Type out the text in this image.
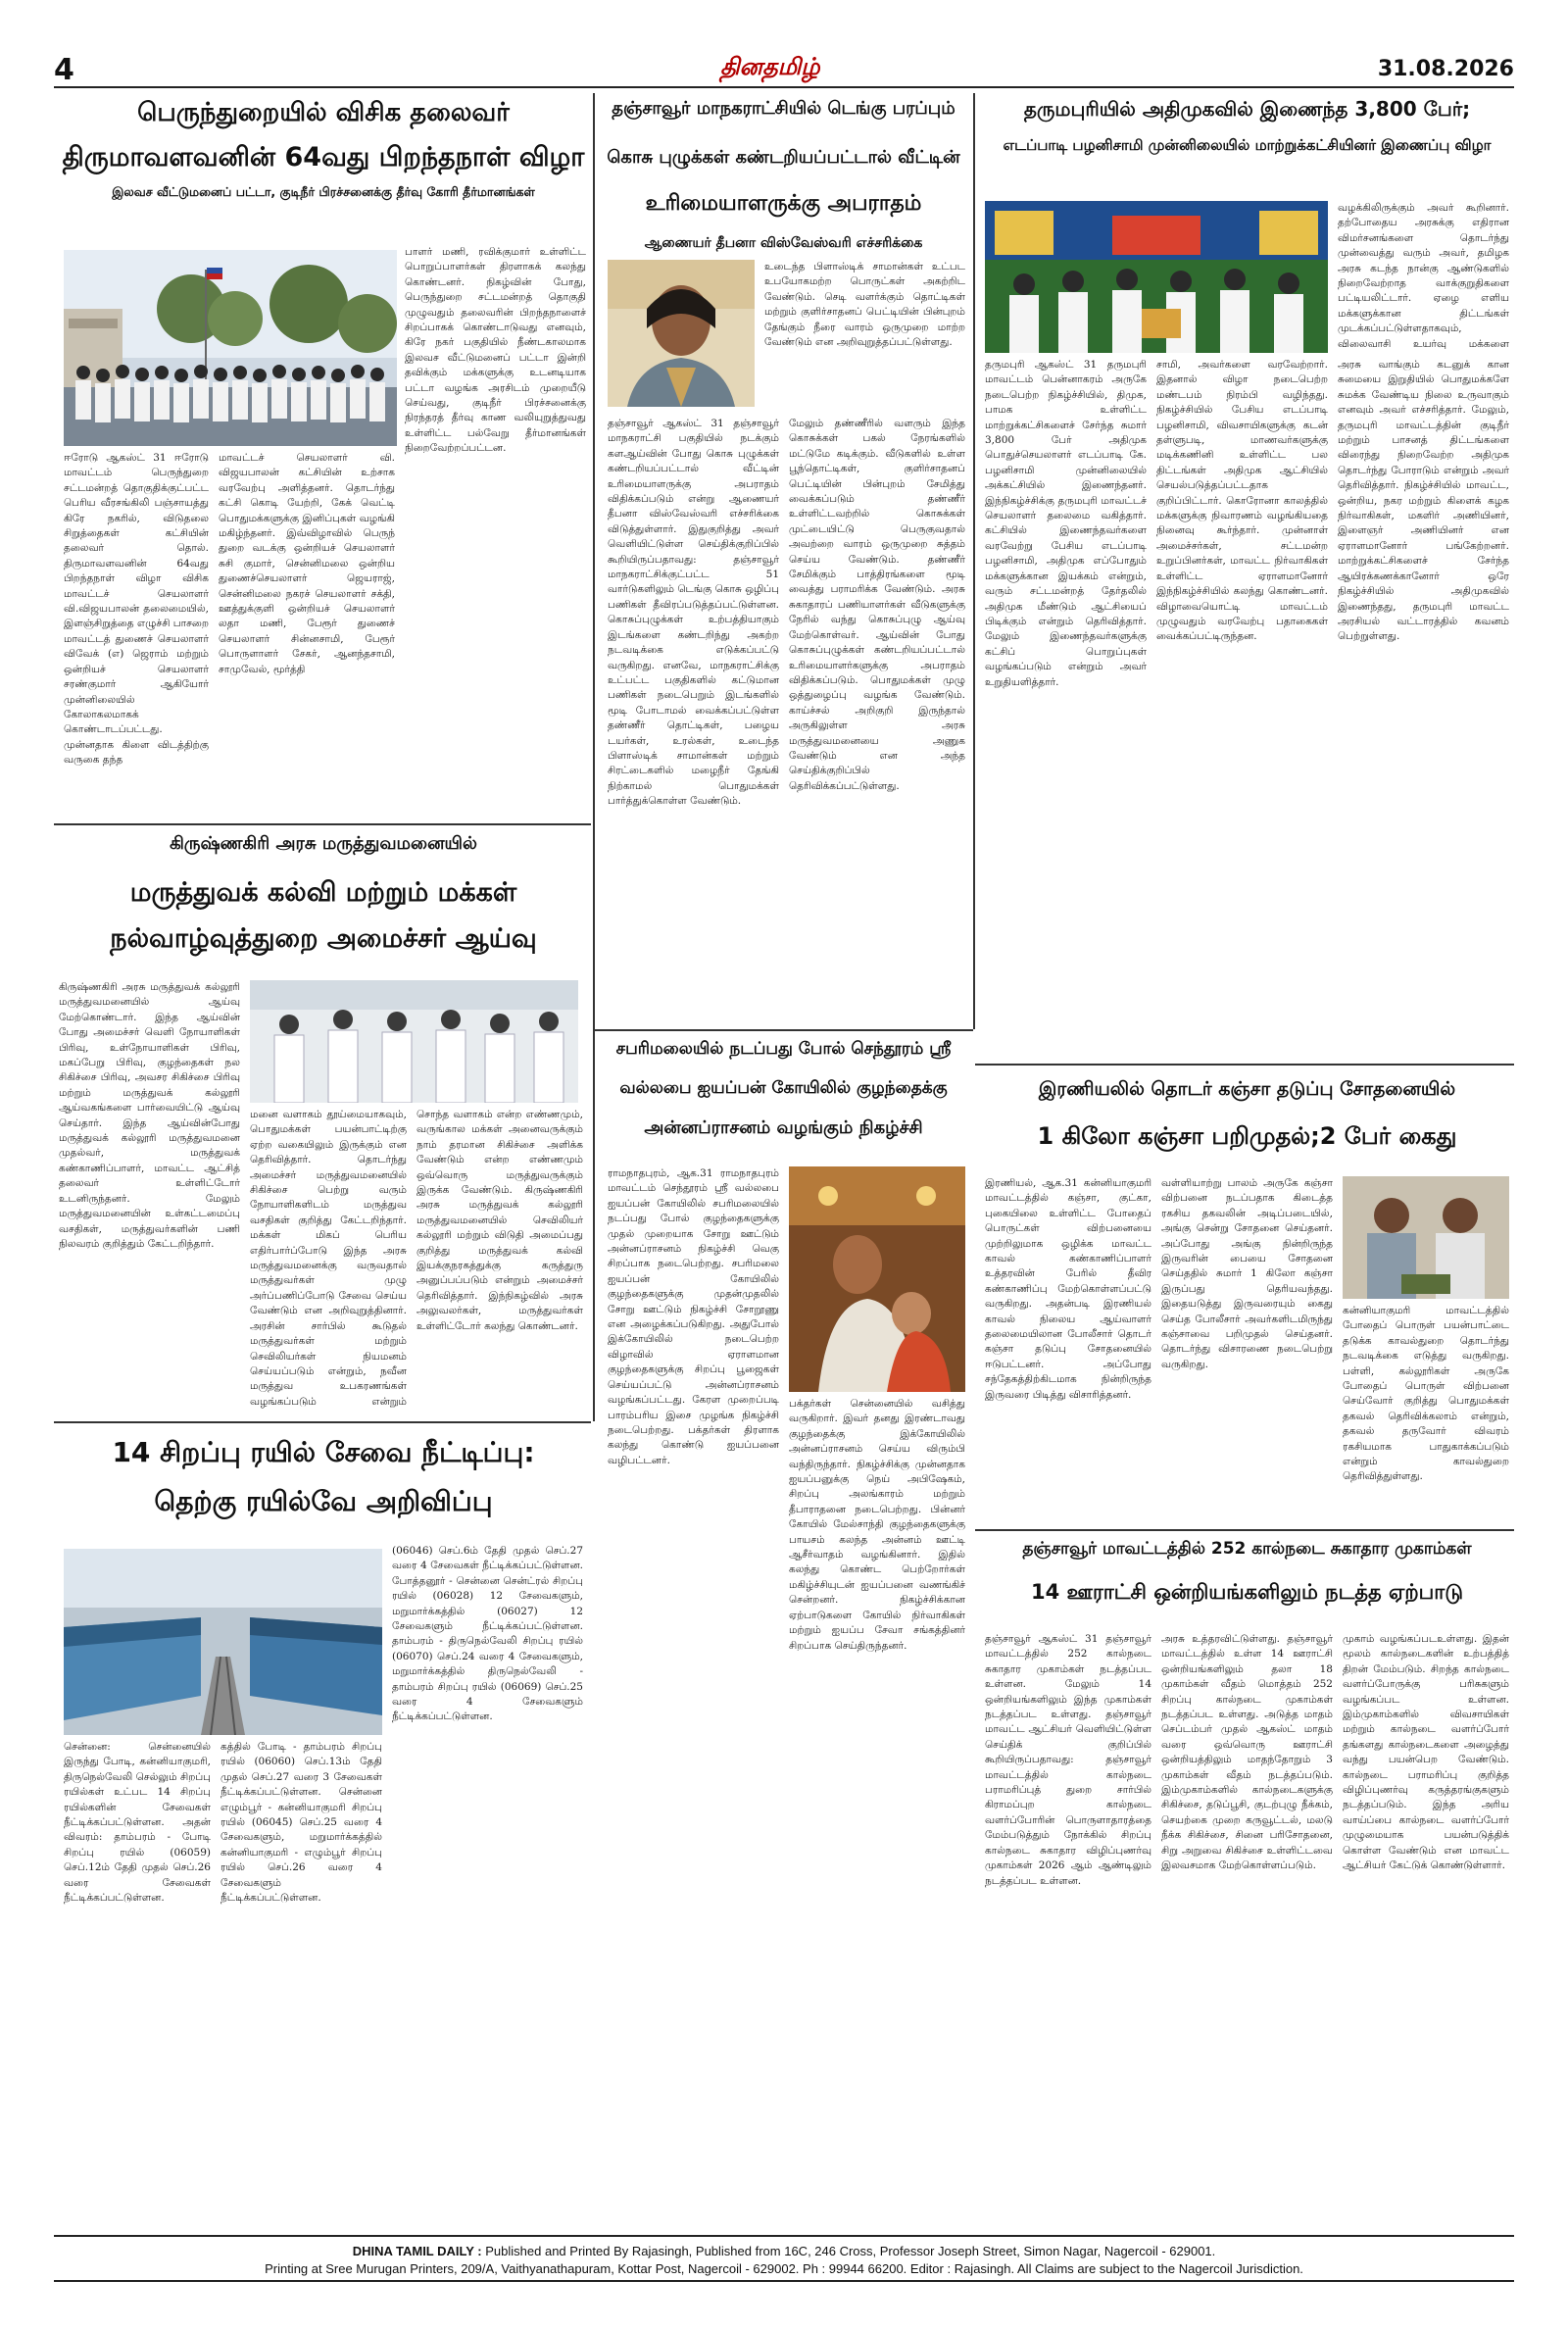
4	தினதமிழ்	31.08.2026
பெருந்துறையில் விசிக தலைவர்
திருமாவளவனின் 64வது பிறந்தநாள் விழா
இலவச வீட்டுமனைப் பட்டா, குடிநீர் பிரச்சனைக்கு தீர்வு கோரி தீர்மானங்கள்
ஈரோடு ஆகஸ்ட் 31 ஈரோடு மாவட்டம் பெருந்துறை சட்டமன்றத் தொகுதிக்குட்பட்ட பெரிய வீரசங்கிலி பஞ்சாயத்து கிரே நகரில், விடுதலை சிறுத்தைகள் கட்சியின் தலைவர் தொல். திருமாவளவனின் 64வது பிறந்தநாள் விழா விசிக மாவட்டச் செயலாளர் வி.விஜயபாலன் தலைமையில், இளஞ்சிறுத்தை எழுச்சி பாசறை மாவட்டத் துணைச் செயலாளர் விவேக் (எ) ஜெராம் மற்றும் ஒன்றியச் செயலாளர் சரண்குமார் ஆகியோர் முன்னிலையில் கோலாகலமாகக் கொண்டாடப்பட்டது. முன்னதாக கிளை விடத்திற்கு வருகை தந்த
மாவட்டச் செயலாளர் வி. விஜயபாலன் கட்சியின் உற்சாக வரவேற்பு அளித்தனர். தொடர்ந்து கட்சி கொடி யேற்றி, கேக் வெட்டி பொதுமக்களுக்கு இனிப்புகள் வழங்கி மகிழ்ந்தனர். இவ்விழாவில் பெருந் துறை வடக்கு ஒன்றியச் செயலாளர் சுசி குமார், சென்னிமலை ஒன்றிய துணைச்செயலாளர் ஜெயராஜ், சென்னிமலை நகரச் செயலாளர் சக்தி, ஊத்துக்குளி ஒன்றியச் செயலாளர் லதா மணி, பேரூர் துணைச் செயலாளர் சின்னசாமி, பேரூர் பொருளாளர் சேகர், ஆனந்தசாமி, சாமுவேல், மூர்த்தி
பாளர் மணி, ரவிக்குமார் உள்ளிட்ட பொறுப்பாளர்கள் திரளாகக் கலந்து கொண்டனர். நிகழ்வின் போது, பெருந்துறை சட்டமன்றத் தொகுதி முழுவதும் தலைவரின் பிறந்தநாளைச் சிறப்பாகக் கொண்டாடுவது எனவும், கிரே நகர் பகுதியில் நீண்டகாலமாக இலவச வீட்டுமனைப் பட்டா இன்றி தவிக்கும் மக்களுக்கு உடனடியாக பட்டா வழங்க அரசிடம் முறையீடு செய்வது, குடிநீர் பிரச்சனைக்கு நிரந்தரத் தீர்வு காண வலியுறுத்துவது உள்ளிட்ட பல்வேறு தீர்மானங்கள் நிறைவேற்றப்பட்டன.
கிருஷ்ணகிரி அரசு மருத்துவமனையில்
மருத்துவக் கல்வி மற்றும் மக்கள்
நல்வாழ்வுத்துறை அமைச்சர் ஆய்வு
கிருஷ்ணகிரி அரசு மருத்துவக் கல்லூரி மருத்துவமனையில் ஆய்வு மேற்கொண்டார். இந்த ஆய்வின் போது அமைச்சர் வெளி நோயாளிகள் பிரிவு, உள்நோயாளிகள் பிரிவு, மகப்பேறு பிரிவு, குழந்தைகள் நல சிகிச்சை பிரிவு, அவசர சிகிச்சை பிரிவு மற்றும் மருத்துவக் கல்லூரி ஆய்வகங்களை பார்வையிட்டு ஆய்வு செய்தார். இந்த ஆய்வின்போது மருத்துவக் கல்லூரி மருத்துவமனை முதல்வர், மருத்துவக் கண்காணிப்பாளர், மாவட்ட ஆட்சித் தலைவர் உள்ளிட்டோர் உடனிருந்தனர். மேலும் மருத்துவமனையின் உள்கட்டமைப்பு வசதிகள், மருத்துவர்களின் பணி நிலவரம் குறித்தும் கேட்டறிந்தார்.
மனை வளாகம் தூய்மையாகவும், பொதுமக்கள் பயன்பாட்டிற்கு ஏற்ற வகையிலும் இருக்கும் என தெரிவித்தார். தொடர்ந்து அமைச்சர் மருத்துவமனையில் சிகிச்சை பெற்று வரும் நோயாளிகளிடம் மருத்துவ வசதிகள் குறித்து கேட்டறிந்தார். மக்கள் மிகப் பெரிய எதிர்பார்ப்போடு இந்த அரசு மருத்துவமனைக்கு வருவதால் மருத்துவர்கள் முழு அர்ப்பணிப்போடு சேவை செய்ய வேண்டும் என அறிவுறுத்தினார். அரசின் சார்பில் கூடுதல் மருத்துவர்கள் மற்றும் செவிலியர்கள் நியமனம் செய்யப்படும் என்றும், நவீன மருத்துவ உபகரணங்கள் வழங்கப்படும் என்றும்
சொந்த வளாகம் என்ற எண்ணமும், வருங்கால மக்கள் அனைவருக்கும் நாம் தரமான சிகிச்சை அளிக்க வேண்டும் என்ற எண்ணமும் ஒவ்வொரு மருத்துவருக்கும் இருக்க வேண்டும். கிருஷ்ணகிரி அரசு மருத்துவக் கல்லூரி மருத்துவமனையில் செவிலியர் கல்லூரி மற்றும் விடுதி அமைப்பது குறித்து மருத்துவக் கல்வி இயக்குநரகத்துக்கு கருத்துரு அனுப்பப்படும் என்றும் அமைச்சர் தெரிவித்தார். இந்நிகழ்வில் அரசு அலுவலர்கள், மருத்துவர்கள் உள்ளிட்டோர் கலந்து கொண்டனர்.
14 சிறப்பு ரயில் சேவை நீட்டிப்பு:
தெற்கு ரயில்வே அறிவிப்பு
சென்னை: சென்னையில் இருந்து போடி, கன்னியாகுமரி, திருநெல்வேலி செல்லும் சிறப்பு ரயில்கள் உட்பட 14 சிறப்பு ரயில்களின் சேவைகள் நீட்டிக்கப்பட்டுள்ளன. அதன் விவரம்: தாம்பரம் - போடி சிறப்பு ரயில் (06059) செப்.12ம் தேதி முதல் செப்.26 வரை சேவைகள் நீட்டிக்கப்பட்டுள்ளன.
கத்தில் போடி - தாம்பரம் சிறப்பு ரயில் (06060) செப்.13ம் தேதி முதல் செப்.27 வரை 3 சேவைகள் நீட்டிக்கப்பட்டுள்ளன. சென்னை எழும்பூர் - கன்னியாகுமரி சிறப்பு ரயில் (06045) செப்.25 வரை 4 சேவைகளும், மறுமார்க்கத்தில் கன்னியாகுமரி - எழும்பூர் சிறப்பு ரயில் செப்.26 வரை 4 சேவைகளும் நீட்டிக்கப்பட்டுள்ளன.
(06046) செப்.6ம் தேதி முதல் செப்.27 வரை 4 சேவைகள் நீட்டிக்கப்பட்டுள்ளன. போத்தனூர் - சென்னை சென்ட்ரல் சிறப்பு ரயில் (06028) 12 சேவைகளும், மறுமார்க்கத்தில் (06027) 12 சேவைகளும் நீட்டிக்கப்பட்டுள்ளன. தாம்பரம் - திருநெல்வேலி சிறப்பு ரயில் (06070) செப்.24 வரை 4 சேவைகளும், மறுமார்க்கத்தில் திருநெல்வேலி - தாம்பரம் சிறப்பு ரயில் (06069) செப்.25 வரை 4 சேவைகளும் நீட்டிக்கப்பட்டுள்ளன.
தஞ்சாவூர் மாநகராட்சியில் டெங்கு பரப்பும்
கொசு புழுக்கள் கண்டறியப்பட்டால் வீட்டின்
உரிமையாளருக்கு அபராதம்
ஆணையர் தீபனா விஸ்வேஸ்வரி எச்சரிக்கை
உடைந்த பிளாஸ்டிக் சாமான்கள் உட்பட உபயோகமற்ற பொருட்கள் அகற்றிட வேண்டும். செடி வளர்க்கும் தொட்டிகள் மற்றும் குளிர்சாதனப் பெட்டியின் பின்புறம் தேங்கும் நீரை வாரம் ஒருமுறை மாற்ற வேண்டும் என அறிவுறுத்தப்பட்டுள்ளது.
தஞ்சாவூர் ஆகஸ்ட் 31 தஞ்சாவூர் மாநகராட்சி பகுதியில் நடக்கும் களஆய்வின் போது கொசு புழுக்கள் கண்டறியப்பட்டால் வீட்டின் உரிமையாளருக்கு அபராதம் விதிக்கப்படும் என்று ஆணையர் தீபனா விஸ்வேஸ்வரி எச்சரிக்கை விடுத்துள்ளார். இதுகுறித்து அவர் வெளியிட்டுள்ள செய்திக்குறிப்பில் கூறியிருப்பதாவது: தஞ்சாவூர் மாநகராட்சிக்குட்பட்ட 51 வார்டுகளிலும் டெங்கு கொசு ஒழிப்பு பணிகள் தீவிரப்படுத்தப்பட்டுள்ளன. கொசுப்புழுக்கள் உற்பத்தியாகும் இடங்களை கண்டறிந்து அகற்ற நடவடிக்கை எடுக்கப்பட்டு வருகிறது. எனவே, மாநகராட்சிக்கு உட்பட்ட பகுதிகளில் கட்டுமான பணிகள் நடைபெறும் இடங்களில் மூடி போடாமல் வைக்கப்பட்டுள்ள தண்ணீர் தொட்டிகள், பழைய டயர்கள், உரல்கள், உடைந்த பிளாஸ்டிக் சாமான்கள் மற்றும் சிரட்டைகளில் மழைநீர் தேங்கி நிற்காமல் பொதுமக்கள் பார்த்துக்கொள்ள வேண்டும்.
மேலும் தண்ணீரில் வளரும் இந்த கொசுக்கள் பகல் நேரங்களில் மட்டுமே கடிக்கும். வீடுகளில் உள்ள பூந்தொட்டிகள், குளிர்சாதனப் பெட்டியின் பின்புறம் சேமித்து வைக்கப்படும் தண்ணீர் உள்ளிட்டவற்றில் கொசுக்கள் முட்டையிட்டு பெருகுவதால் அவற்றை வாரம் ஒருமுறை சுத்தம் செய்ய வேண்டும். தண்ணீர் சேமிக்கும் பாத்திரங்களை மூடி வைத்து பராமரிக்க வேண்டும். அரசு சுகாதாரப் பணியாளர்கள் வீடுகளுக்கு நேரில் வந்து கொசுப்புழு ஆய்வு மேற்கொள்வர். ஆய்வின் போது கொசுப்புழுக்கள் கண்டறியப்பட்டால் உரிமையாளர்களுக்கு அபராதம் விதிக்கப்படும். பொதுமக்கள் முழு ஒத்துழைப்பு வழங்க வேண்டும். காய்ச்சல் அறிகுறி இருந்தால் அருகிலுள்ள அரசு மருத்துவமனையை அணுக வேண்டும் என அந்த செய்திக்குறிப்பில் தெரிவிக்கப்பட்டுள்ளது.
சபரிமலையில் நடப்பது போல் செந்தூரம் ஸ்ரீ
வல்லபை ஐயப்பன் கோயிலில் குழந்தைக்கு
அன்னப்ராசனம் வழங்கும் நிகழ்ச்சி
ராமநாதபுரம், ஆக.31 ராமநாதபுரம் மாவட்டம் செந்தூரம் ஸ்ரீ வல்லபை ஐயப்பன் கோயிலில் சபரிமலையில் நடப்பது போல் குழந்தைகளுக்கு முதல் முறையாக சோறு ஊட்டும் அன்னப்ராசனம் நிகழ்ச்சி வெகு சிறப்பாக நடைபெற்றது. சபரிமலை ஐயப்பன் கோயிலில் குழந்தைகளுக்கு முதன்முதலில் சோறு ஊட்டும் நிகழ்ச்சி சோறூணு என அழைக்கப்படுகிறது. அதுபோல் இக்கோயிலில் நடைபெற்ற விழாவில் ஏராளமான குழந்தைகளுக்கு சிறப்பு பூஜைகள் செய்யப்பட்டு அன்னப்ராசனம் வழங்கப்பட்டது. கேரள முறைப்படி பாரம்பரிய இசை முழங்க நிகழ்ச்சி நடைபெற்றது. பக்தர்கள் திரளாக கலந்து கொண்டு ஐயப்பனை வழிபட்டனர்.
பக்தர்கள் சென்னையில் வசித்து வருகிறார். இவர் தனது இரண்டாவது குழந்தைக்கு இக்கோயிலில் அன்னப்ராசனம் செய்ய விரும்பி வந்திருந்தார். நிகழ்ச்சிக்கு முன்னதாக ஐயப்பனுக்கு நெய் அபிஷேகம், சிறப்பு அலங்காரம் மற்றும் தீபாராதனை நடைபெற்றது. பின்னர் கோயில் மேல்சாந்தி குழந்தைகளுக்கு பாயசம் கலந்த அன்னம் ஊட்டி ஆசீர்வாதம் வழங்கினார். இதில் கலந்து கொண்ட பெற்றோர்கள் மகிழ்ச்சியுடன் ஐயப்பனை வணங்கிச் சென்றனர். நிகழ்ச்சிக்கான ஏற்பாடுகளை கோயில் நிர்வாகிகள் மற்றும் ஐயப்ப சேவா சங்கத்தினர் சிறப்பாக செய்திருந்தனர்.
தருமபுரியில் அதிமுகவில் இணைந்த 3,800 பேர்;
எடப்பாடி பழனிசாமி முன்னிலையில் மாற்றுக்கட்சியினர் இணைப்பு விழா
வழக்கிலிருக்கும் அவர் கூறினார். தற்போதைய அரசுக்கு எதிரான விமர்சனங்களை தொடர்ந்து முன்வைத்து வரும் அவர், தமிழக அரசு கடந்த நான்கு ஆண்டுகளில் நிறைவேற்றாத வாக்குறுதிகளை பட்டியலிட்டார். ஏழை எளிய மக்களுக்கான திட்டங்கள் முடக்கப்பட்டுள்ளதாகவும், விலைவாசி உயர்வு மக்களை
தருமபுரி ஆகஸ்ட் 31 தருமபுரி மாவட்டம் பென்னாகரம் அருகே நடைபெற்ற நிகழ்ச்சியில், திமுக, பாமக உள்ளிட்ட மாற்றுக்கட்சிகளைச் சேர்ந்த சுமார் 3,800 பேர் அதிமுக பொதுச்செயலாளர் எடப்பாடி கே. பழனிசாமி முன்னிலையில் அக்கட்சியில் இணைந்தனர். இந்நிகழ்ச்சிக்கு தருமபுரி மாவட்டச் செயலாளர் தலைமை வகித்தார். கட்சியில் இணைந்தவர்களை வரவேற்று பேசிய எடப்பாடி பழனிசாமி, அதிமுக எப்போதும் மக்களுக்கான இயக்கம் என்றும், வரும் சட்டமன்றத் தேர்தலில் அதிமுக மீண்டும் ஆட்சியைப் பிடிக்கும் என்றும் தெரிவித்தார். மேலும் இணைந்தவர்களுக்கு கட்சிப் பொறுப்புகள் வழங்கப்படும் என்றும் அவர் உறுதியளித்தார்.
சாமி, அவர்களை வரவேற்றார். இதனால் விழா நடைபெற்ற மண்டபம் நிரம்பி வழிந்தது. நிகழ்ச்சியில் பேசிய எடப்பாடி பழனிசாமி, விவசாயிகளுக்கு கடன் தள்ளுபடி, மாணவர்களுக்கு மடிக்கணினி உள்ளிட்ட பல திட்டங்கள் அதிமுக ஆட்சியில் செயல்படுத்தப்பட்டதாக குறிப்பிட்டார். கொரோனா காலத்தில் மக்களுக்கு நிவாரணம் வழங்கியதை நினைவு கூர்ந்தார். முன்னாள் அமைச்சர்கள், சட்டமன்ற உறுப்பினர்கள், மாவட்ட நிர்வாகிகள் உள்ளிட்ட ஏராளமானோர் இந்நிகழ்ச்சியில் கலந்து கொண்டனர். விழாவையொட்டி மாவட்டம் முழுவதும் வரவேற்பு பதாகைகள் வைக்கப்பட்டிருந்தன.
அரசு வாங்கும் கடனுக் கான சுமையை இறுதியில் பொதுமக்களே சுமக்க வேண்டிய நிலை உருவாகும் எனவும் அவர் எச்சரித்தார். மேலும், தருமபுரி மாவட்டத்தின் குடிநீர் மற்றும் பாசனத் திட்டங்களை விரைந்து நிறைவேற்ற அதிமுக தொடர்ந்து போராடும் என்றும் அவர் தெரிவித்தார். நிகழ்ச்சியில் மாவட்ட, ஒன்றிய, நகர மற்றும் கிளைக் கழக நிர்வாகிகள், மகளிர் அணியினர், இளைஞர் அணியினர் என ஏராளமானோர் பங்கேற்றனர். மாற்றுக்கட்சிகளைச் சேர்ந்த ஆயிரக்கணக்கானோர் ஒரே நிகழ்ச்சியில் அதிமுகவில் இணைந்தது, தருமபுரி மாவட்ட அரசியல் வட்டாரத்தில் கவனம் பெற்றுள்ளது.
இரணியலில் தொடர் கஞ்சா தடுப்பு சோதனையில்
1 கிலோ கஞ்சா பறிமுதல்;2 பேர் கைது
இரணியல், ஆக.31 கன்னியாகுமரி மாவட்டத்தில் கஞ்சா, குட்கா, புகையிலை உள்ளிட்ட போதைப் பொருட்கள் விற்பனையை முற்றிலுமாக ஒழிக்க மாவட்ட காவல் கண்காணிப்பாளர் உத்தரவின் பேரில் தீவிர கண்காணிப்பு மேற்கொள்ளப்பட்டு வருகிறது. அதன்படி இரணியல் காவல் நிலைய ஆய்வாளர் தலைமையிலான போலீசார் தொடர் கஞ்சா தடுப்பு சோதனையில் ஈடுபட்டனர். அப்போது சந்தேகத்திற்கிடமாக நின்றிருந்த இருவரை பிடித்து விசாரித்தனர்.
வள்ளியாற்று பாலம் அருகே கஞ்சா விற்பனை நடப்பதாக கிடைத்த ரகசிய தகவலின் அடிப்படையில், அங்கு சென்று சோதனை செய்தனர். அப்போது அங்கு நின்றிருந்த இருவரின் பையை சோதனை செய்ததில் சுமார் 1 கிலோ கஞ்சா இருப்பது தெரியவந்தது. இதையடுத்து இருவரையும் கைது செய்த போலீசார் அவர்களிடமிருந்து கஞ்சாவை பறிமுதல் செய்தனர். தொடர்ந்து விசாரணை நடைபெற்று வருகிறது.
கன்னியாகுமரி மாவட்டத்தில் போதைப் பொருள் பயன்பாட்டை தடுக்க காவல்துறை தொடர்ந்து நடவடிக்கை எடுத்து வருகிறது. பள்ளி, கல்லூரிகள் அருகே போதைப் பொருள் விற்பனை செய்வோர் குறித்து பொதுமக்கள் தகவல் தெரிவிக்கலாம் என்றும், தகவல் தருவோர் விவரம் ரகசியமாக பாதுகாக்கப்படும் என்றும் காவல்துறை தெரிவித்துள்ளது.
தஞ்சாவூர் மாவட்டத்தில் 252 கால்நடை சுகாதார முகாம்கள்
14 ஊராட்சி ஒன்றியங்களிலும் நடத்த ஏற்பாடு
தஞ்சாவூர் ஆகஸ்ட் 31 தஞ்சாவூர் மாவட்டத்தில் 252 கால்நடை சுகாதார முகாம்கள் நடத்தப்பட உள்ளன. மேலும் 14 ஒன்றியங்களிலும் இந்த முகாம்கள் நடத்தப்பட உள்ளது. தஞ்சாவூர் மாவட்ட ஆட்சியர் வெளியிட்டுள்ள செய்திக் குறிப்பில் கூறியிருப்பதாவது: தஞ்சாவூர் மாவட்டத்தில் கால்நடை பராமரிப்புத் துறை சார்பில் கிராமப்புற கால்நடை வளர்ப்போரின் பொருளாதாரத்தை மேம்படுத்தும் நோக்கில் சிறப்பு கால்நடை சுகாதார விழிப்புணர்வு முகாம்கள் 2026 ஆம் ஆண்டிலும் நடத்தப்பட உள்ளன.
அரசு உத்தரவிட்டுள்ளது. தஞ்சாவூர் மாவட்டத்தில் உள்ள 14 ஊராட்சி ஒன்றியங்களிலும் தலா 18 முகாம்கள் வீதம் மொத்தம் 252 சிறப்பு கால்நடை முகாம்கள் நடத்தப்பட உள்ளது. அடுத்த மாதம் செப்டம்பர் முதல் ஆகஸ்ட் மாதம் வரை ஒவ்வொரு ஊராட்சி ஒன்றியத்திலும் மாதந்தோறும் 3 முகாம்கள் வீதம் நடத்தப்படும். இம்முகாம்களில் கால்நடைகளுக்கு சிகிச்சை, தடுப்பூசி, குடற்புழு நீக்கம், செயற்கை முறை கருவூட்டல், மலடு நீக்க சிகிச்சை, சினை பரிசோதனை, சிறு அறுவை சிகிச்சை உள்ளிட்டவை இலவசமாக மேற்கொள்ளப்படும்.
முகாம் வழங்கப்படஉள்ளது. இதன் மூலம் கால்நடைகளின் உற்பத்தித் திறன் மேம்படும். சிறந்த கால்நடை வளர்ப்போருக்கு பரிசுகளும் வழங்கப்பட உள்ளன. இம்முகாம்களில் விவசாயிகள் மற்றும் கால்நடை வளர்ப்போர் தங்களது கால்நடைகளை அழைத்து வந்து பயன்பெற வேண்டும். கால்நடை பராமரிப்பு குறித்த விழிப்புணர்வு கருத்தரங்குகளும் நடத்தப்படும். இந்த அரிய வாய்ப்பை கால்நடை வளர்ப்போர் முழுமையாக பயன்படுத்திக் கொள்ள வேண்டும் என மாவட்ட ஆட்சியர் கேட்டுக் கொண்டுள்ளார்.
DHINA TAMIL DAILY : Published and Printed By Rajasingh, Published from 16C, 246 Cross, Professor Joseph Street, Simon Nagar, Nagercoil - 629001.
Printing at Sree Murugan Printers, 209/A, Vaithyanathapuram, Kottar Post, Nagercoil - 629002. Ph : 99944 66200. Editor : Rajasingh. All Claims are subject to the Nagercoil Jurisdiction.
